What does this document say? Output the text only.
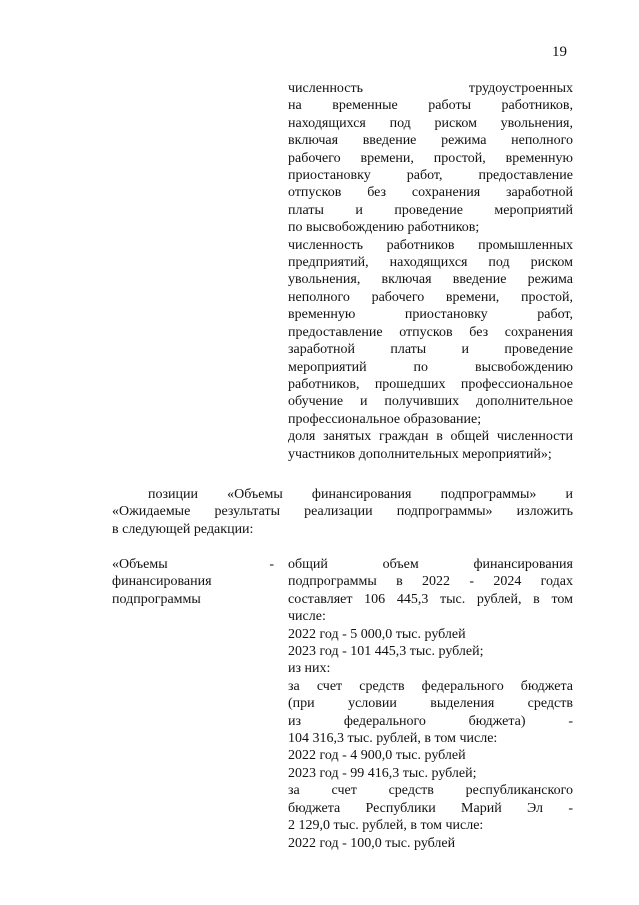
19
численность трудоустроенных
на временные работы работников,
находящихся под риском увольнения,
включая введение режима неполного
рабочего времени, простой, временную
приостановку работ, предоставление
отпусков без сохранения заработной
платы и проведение мероприятий
по высвобождению работников;
численность работников промышленных
предприятий, находящихся под риском
увольнения, включая введение режима
неполного рабочего времени, простой,
временную приостановку работ,
предоставление отпусков без сохранения
заработной платы и проведение
мероприятий по высвобождению
работников, прошедших профессиональное
обучение и получивших дополнительное
профессиональное образование;
доля занятых граждан в общей численности
участников дополнительных мероприятий»;
позиции «Объемы финансирования подпрограммы» и
«Ожидаемые результаты реализации подпрограммы» изложить
в следующей редакции:
«Объемы -
финансирования
подпрограммы
общий объем финансирования
подпрограммы в 2022 - 2024 годах
составляет 106 445,3 тыс. рублей, в том
числе:
2022 год - 5 000,0 тыс. рублей
2023 год - 101 445,3 тыс. рублей;
из них:
за счет средств федерального бюджета
(при условии выделения средств
из федерального бюджета) -
104 316,3 тыс. рублей, в том числе:
2022 год - 4 900,0 тыс. рублей
2023 год - 99 416,3 тыс. рублей;
за счет средств республиканского
бюджета Республики Марий Эл -
2 129,0 тыс. рублей, в том числе:
2022 год - 100,0 тыс. рублей
